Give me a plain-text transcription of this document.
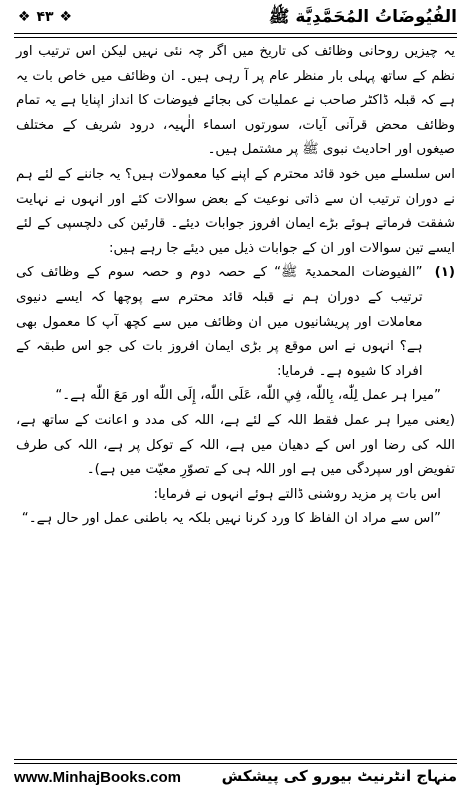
الفُيُوضَاتُ المُحَمَّدِيَّة ﷺ
❖ ۴۳ ❖

یہ چیزیں روحانی وظائف کی تاریخ میں اگر چہ نئی نہیں لیکن اس ترتیب اور نظم کے ساتھ پہلی بار منظر عام پر آ رہی ہیں۔ ان وظائف میں خاص بات یہ ہے کہ قبلہ ڈاکٹر صاحب نے عملیات کی بجائے فیوضات کا انداز اپنایا ہے یہ تمام وظائف محض قرآنی آیات، سورتوں اسماء الٰہیہ، درود شریف کے مختلف صیغوں اور احادیث نبوی ﷺ پر مشتمل ہیں۔

اس سلسلے میں خود قائد محترم کے اپنے کیا معمولات ہیں؟ یہ جاننے کے لئے ہم نے دوران ترتیب ان سے ذاتی نوعیت کے بعض سوالات کئے اور انہوں نے نہایت شفقت فرماتے ہوئے بڑے ایمان افروز جوابات دیئے۔ قارئین کی دلچسپی کے لئے ایسے تین سوالات اور ان کے جوابات ذیل میں دیئے جا رہے ہیں:

(۱)

”الفیوضات المحمدیۃ ﷺ“ کے حصہ دوم و حصہ سوم کے وظائف کی ترتیب کے دوران ہم نے قبلہ قائد محترم سے پوچھا کہ ایسے دنیوی معاملات اور پریشانیوں میں ان وظائف میں سے کچھ آپ کا معمول بھی ہے؟ انہوں نے اس موقع پر بڑی ایمان افروز بات کی جو اس طبقہ کے افراد کا شیوہ ہے۔ فرمایا:

”میرا ہر عمل لِلّٰه، بِاللّٰه، فِي اللّٰه، عَلَى اللّٰه، إِلَى اللّٰه اور مَعَ اللّٰه ہے۔“

(یعنی میرا ہر عمل فقط اللہ کے لئے ہے، اللہ کی مدد و اعانت کے ساتھ ہے، اللہ کی رضا اور اس کے دھیان میں ہے، اللہ کے توکل پر ہے، اللہ کی طرف تفویض اور سپردگی میں ہے اور اللہ ہی کے تصوّرِ معیّت میں ہے)۔

اس بات پر مزید روشنی ڈالتے ہوئے انہوں نے فرمایا:

”اس سے مراد ان الفاظ کا ورد کرنا نہیں بلکہ یہ باطنی عمل اور حال ہے۔“

www.MinhajBooks.com	منہاج انٹرنیٹ بیورو کی پیشکش
